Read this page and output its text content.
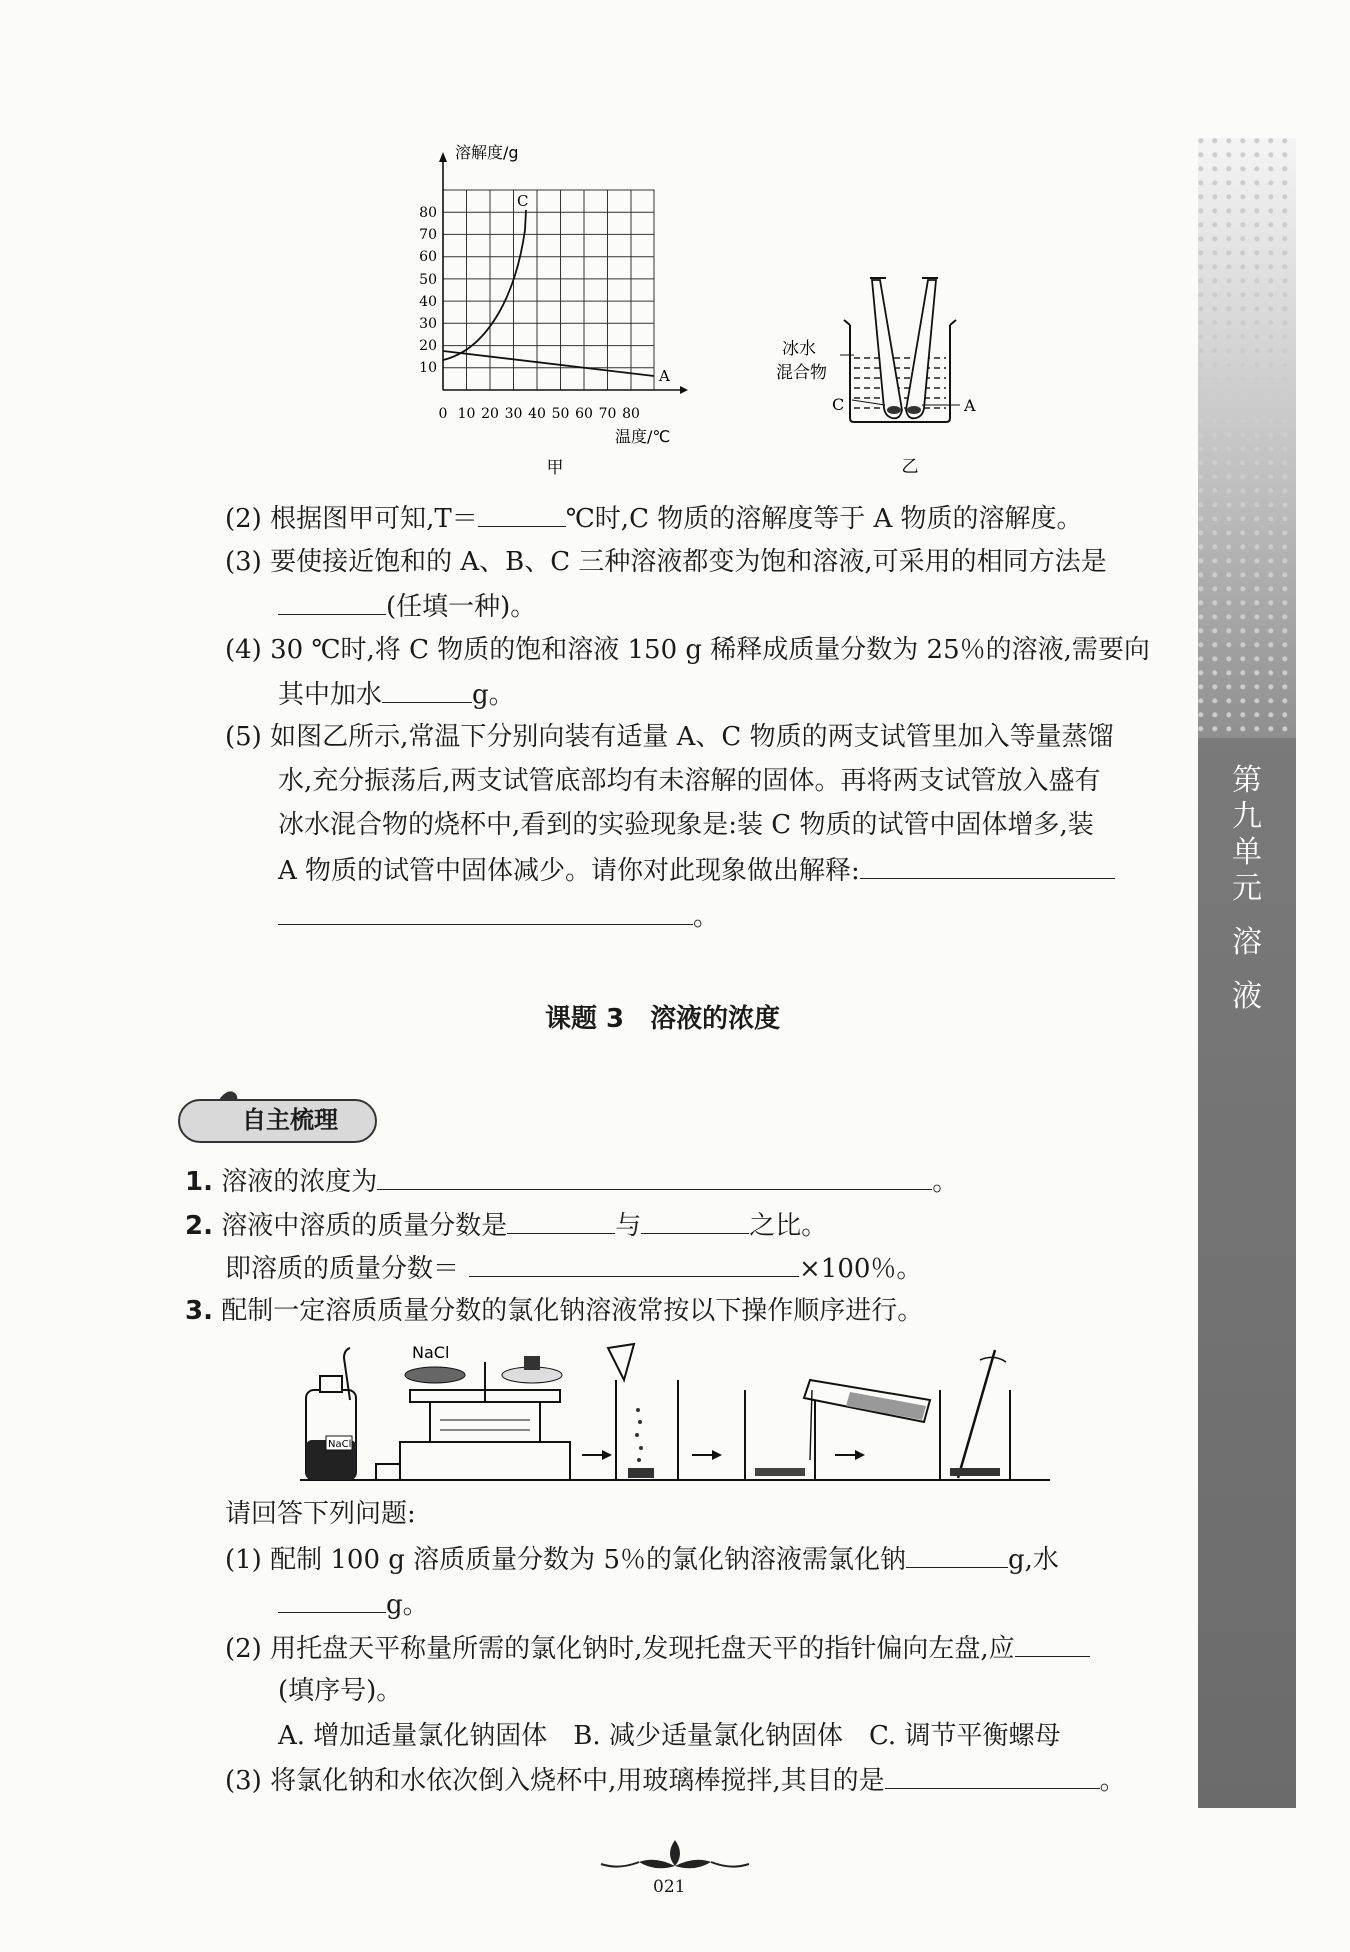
C
A
溶解度/g
温度/℃
80
70
60
50
40
30
20
10
0 10 20 30 40 50 60 70 80
甲
冰水
混合物
C	A
乙
(2) 根据图甲可知,T＝	℃时,C 物质的溶解度等于 A 物质的溶解度。
(3) 要使接近饱和的 A、B、C 三种溶液都变为饱和溶液,可采用的相同方法是
(任填一种)。
(4) 30 ℃时,将 C 物质的饱和溶液 150 g 稀释成质量分数为 25％的溶液,需要向
其中加水	g。
(5) 如图乙所示,常温下分别向装有适量 A、C 物质的两支试管里加入等量蒸馏
水,充分振荡后,两支试管底部均有未溶解的固体。再将两支试管放入盛有
冰水混合物的烧杯中,看到的实验现象是:装 C 物质的试管中固体增多,装
A 物质的试管中固体减少。请你对此现象做出解释:
。
课题 3　溶液的浓度
自主梳理
1. 溶液的浓度为	。
2. 溶液中溶质的质量分数是	与	之比。
即溶质的质量分数＝	×100％。
3. 配制一定溶质质量分数的氯化钠溶液常按以下操作顺序进行。
NaCl
NaCl
请回答下列问题:
(1) 配制 100 g 溶质质量分数为 5％的氯化钠溶液需氯化钠	g,水
g。
(2) 用托盘天平称量所需的氯化钠时,发现托盘天平的指针偏向左盘,应
(填序号)。
A. 增加适量氯化钠固体　B. 减少适量氯化钠固体　C. 调节平衡螺母
(3) 将氯化钠和水依次倒入烧杯中,用玻璃棒搅拌,其目的是	。
第
九
单
元
溶
液
021
